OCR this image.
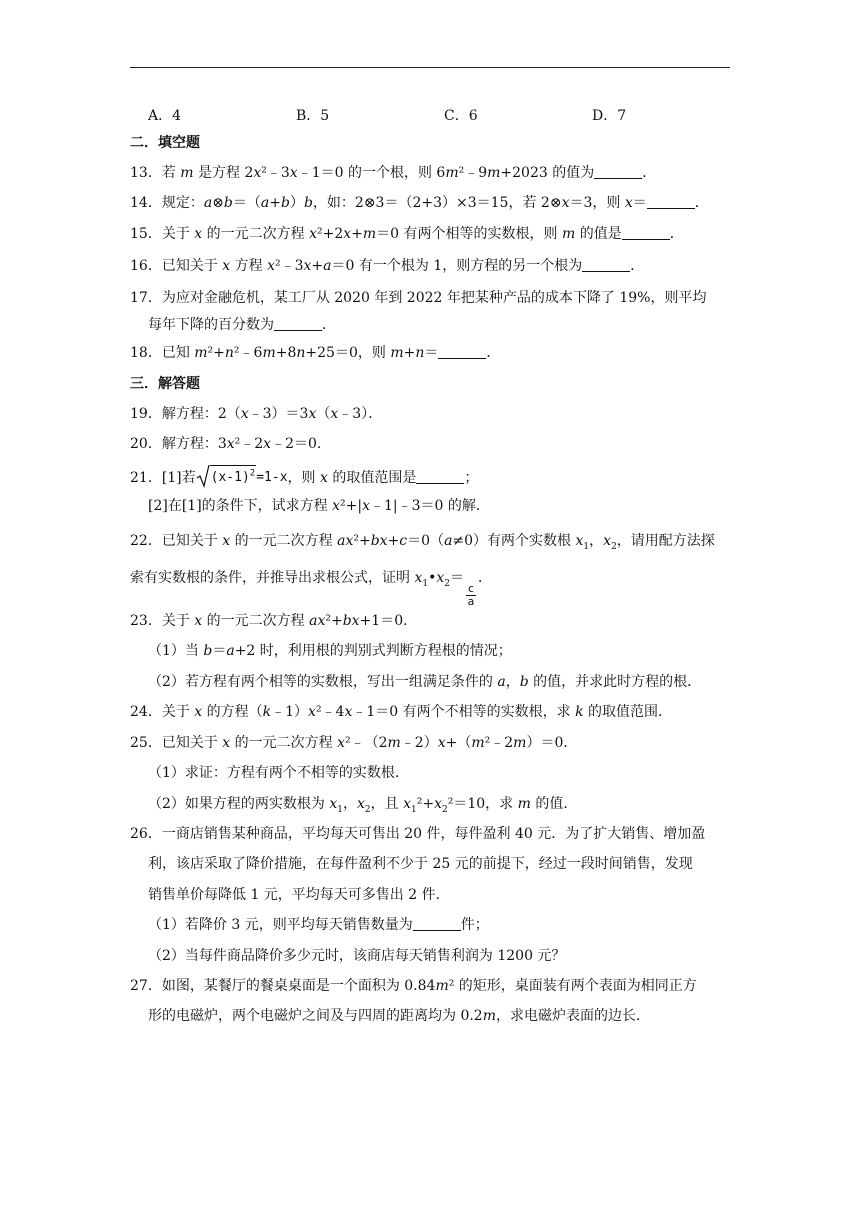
A．4	B．5	C．6	D．7
二．填空题
13．若 m 是方程 2x²﹣3x﹣1＝0 的一个根，则 6m²﹣9m+2023 的值为	．
14．规定：a⊗b＝（a+b）b，如：2⊗3＝（2+3）×3＝15，若 2⊗x＝3，则 x＝	．
15．关于 x 的一元二次方程 x²+2x+m＝0 有两个相等的实数根，则 m 的值是	．
16．已知关于 x 方程 x²﹣3x+a＝0 有一个根为 1，则方程的另一个根为	．
17．为应对金融危机，某工厂从 2020 年到 2022 年把某种产品的成本下降了 19%，则平均
每年下降的百分数为	．
18．已知 m²+n²﹣6m+8n+25＝0，则 m+n＝	．
三．解答题
19．解方程：2（x﹣3）＝3x（x﹣3）．
20．解方程：3x²﹣2x﹣2＝0．
21．[1]若 $(x-1)^2 =1-x$ ，则 x 的取值范围是	；
[2]在[1]的条件下，试求方程 x²+|x﹣1|﹣3＝0 的解．
22．已知关于 x 的一元二次方程 ax²+bx+c＝0（a≠0）有两个实数根 $x_1$，$x_2$，请用配方法探
索有实数根的条件，并推导出求根公式，证明 $x_1•x_2=$
$\frac{c}{a}$
．
23．关于 x 的一元二次方程 ax²+bx+1＝0．
（1）当 b＝a+2 时，利用根的判别式判断方程根的情况；
（2）若方程有两个相等的实数根，写出一组满足条件的 a，b 的值，并求此时方程的根．
24．关于 x 的方程（k﹣1）x²﹣4x﹣1＝0 有两个不相等的实数根，求 k 的取值范围．
25．已知关于 x 的一元二次方程 x²﹣（2m﹣2）x+（m²﹣2m）＝0．
（1）求证：方程有两个不相等的实数根．
（2）如果方程的两实数根为 $x_1$，$x_2$，且 $x_1^2+x_2^2=10$，求 m 的值．
26．一商店销售某种商品，平均每天可售出 20 件，每件盈利 40 元．为了扩大销售、增加盈
利，该店采取了降价措施，在每件盈利不少于 25 元的前提下，经过一段时间销售，发现
销售单价每降低 1 元，平均每天可多售出 2 件．
（1）若降价 3 元，则平均每天销售数量为	件；
（2）当每件商品降价多少元时，该商店每天销售利润为 1200 元？
27．如图，某餐厅的餐桌桌面是一个面积为 0.84m² 的矩形，桌面装有两个表面为相同正方
形的电磁炉，两个电磁炉之间及与四周的距离均为 0.2m，求电磁炉表面的边长．
